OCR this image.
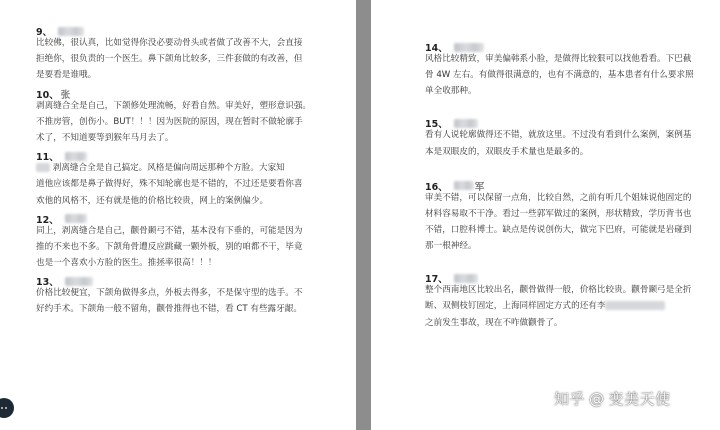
9、

比较佛，很认真，比如觉得你没必要动骨头或者做了改善不大，会直接

拒绝你，很负责的一个医生。鼻下颌角比较多，三件套做的有改善，但

是要看是谁哦。

10、 张

剥离缝合全是自己，下颌修处理流畅，好看自然。审美好，塑形意识强。

不推房管，创伤小。BUT！！！因为医院的原因，现在暂时不做轮廓手

术了，不知道要等到猴年马月去了。

11、

剥离缝合全是自己搞定。风格是偏向周远那种个方脸。大家知

道他应该都是鼻子做得好，殊不知轮廓也是不错的，不过还是要看你喜

欢他的风格不，还有就是他的价格比较贵，网上的案例偏少。

12、

同上，剥离缝合是自己，颧骨颞弓不错，基本没有下垂的，可能是因为

推的不来也不多。下颌角骨遭反应跳藏一颗外板，别的咱都不干，毕竟

也是一个喜欢小方脸的医生。推拯率很高！！！

13、

价格比较便宜，下颌角做得多点，外板去得多，不是保守型的选手。不

好约手术。下颌角一般不留角，颧骨推得也不错，看 CT 有些露牙龈。

14、

风格比较精致，审美偏韩系小脸，是做得比较狠可以找他看看。下巴截

骨 4W 左右。有做得很满意的，也有不满意的，基本患者有什么要求照

单全收那种。

15、

看有人说轮廓做得还不错，就放这里。不过没有看到什么案例，案例基

本是双眼皮的，双眼皮手术量也是最多的。

16、	军

审美不错，可以保留一点角，比较自然，之前有听几个姐妹说他固定的

材料容易取不干净。看过一些郭军做过的案例，形状精致，学历背书也

不错，口腔科博士。缺点是传说创伤大，做完下巴府，可能就是岩碰到

那一根神经。

17、

整个西南地区比较出名，颧骨做得一般，价格比较贵。颧骨颞弓是全折

断、双侧枝钉固定，上海同样固定方式的还有李

之前发生事故，现在不咋做颧骨了。

知乎 @ 变美天使
